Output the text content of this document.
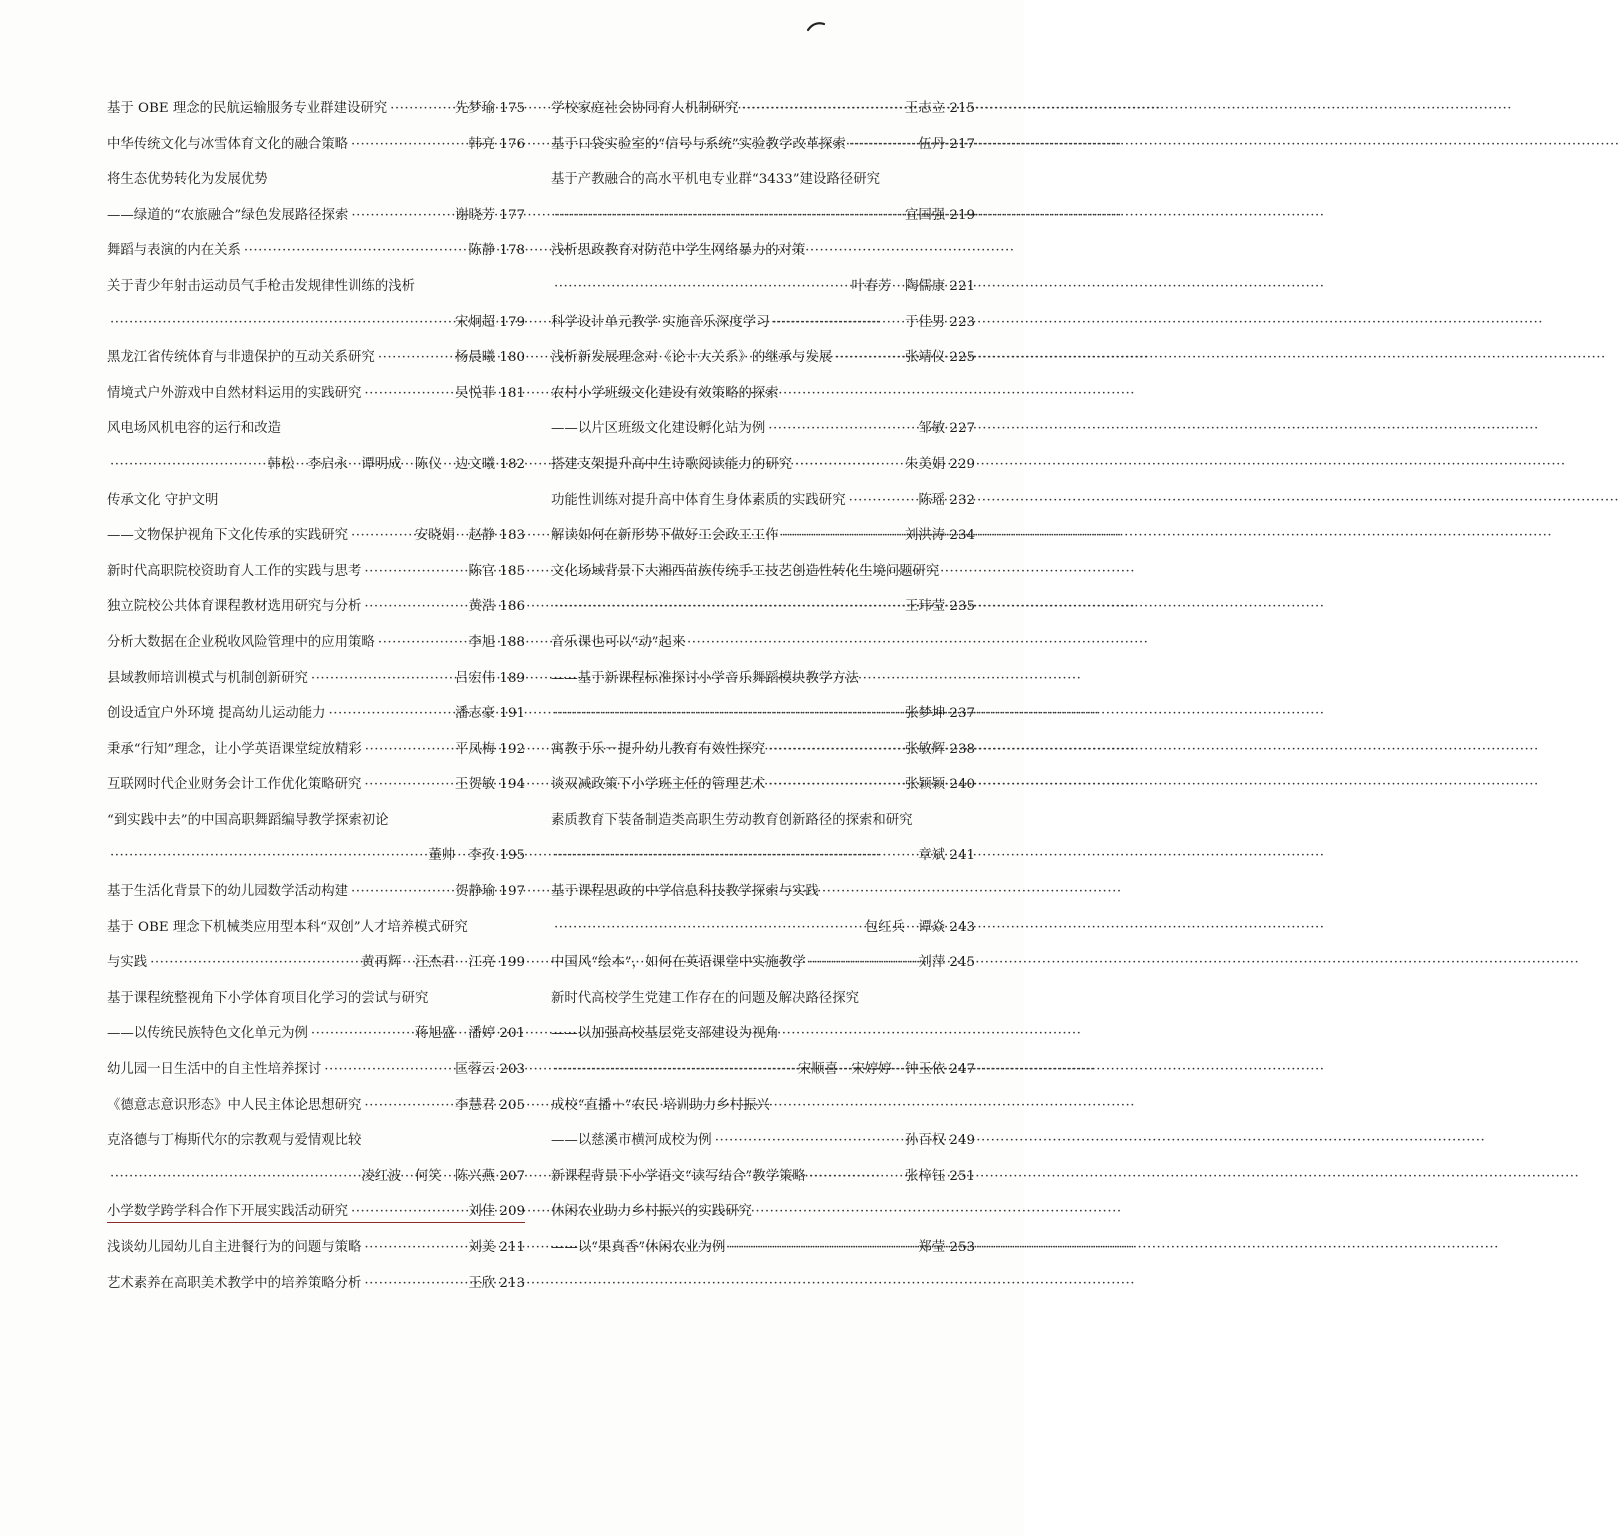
基于 OBE 理念的民航运输服务专业群建设研究 ·····	先梦瑜 175
中华传统文化与冰雪体育文化的融合策略 ·····	韩亮 176
将生态优势转化为发展优势
——绿道的“农旅融合”绿色发展路径探索 ·····	谢晓芳 177
舞蹈与表演的内在关系 ·····	陈静 178
关于青少年射击运动员气手枪击发规律性训练的浅析
·····
宋炯超 179
黑龙江省传统体育与非遗保护的互动关系研究 ·····	杨晨曦 180
情境式户外游戏中自然材料运用的实践研究 ·····	吴悦菲 181
风电场风机电容的运行和改造
·····
韩松　李启永　谭明成　陈仪　边文曦 182
传承文化 守护文明
——文物保护视角下文化传承的实践研究 ·····	安晓娟　赵静 183
新时代高职院校资助育人工作的实践与思考 ·····	陈官 185
独立院校公共体育课程教材选用研究与分析 ·····	黄浩 186
分析大数据在企业税收风险管理中的应用策略 ·····	李旭 188
县域教师培训模式与机制创新研究 ·····	吕宏伟 189
创设适宜户外环境 提高幼儿运动能力 ·····	潘志豪 191
秉承“行知”理念，让小学英语课堂绽放精彩 ·····	平凤梅 192
互联网时代企业财务会计工作优化策略研究 ·····	王贺敏 194
“到实践中去”的中国高职舞蹈编导教学探索初论
·····
董帅　李孜 195
基于生活化背景下的幼儿园数学活动构建 ·····	贺静瑜 197
基于 OBE 理念下机械类应用型本科“双创”人才培养模式研究
与实践 ·····	黄再辉　汪杰君　江亮 199
基于课程统整视角下小学体育项目化学习的尝试与研究
——以传统民族特色文化单元为例 ·····	蒋旭盛　潘婷 201
幼儿园一日生活中的自主性培养探讨 ·····	匡蓉云 203
《德意志意识形态》中人民主体论思想研究 ·····	李慧君 205
克洛德与丁梅斯代尔的宗教观与爱情观比较
·····
凌红波　何笑　陈兴燕 207
小学数学跨学科合作下开展实践活动研究 ·····	刘佳 209
浅谈幼儿园幼儿自主进餐行为的问题与策略 ·····	刘美 211
艺术素养在高职美术教学中的培养策略分析 ·····	王欣 213
学校家庭社会协同育人机制研究 ·····	王志立 215
基于口袋实验室的“信号与系统”实验教学改革探索 ·····	伍丹 217
基于产教融合的高水平机电专业群“3433”建设路径研究
·····
宜国强 219
浅析思政教育对防范中学生网络暴力的对策
·····
叶春芳　陶儒康 221
科学设计单元教学 实施音乐深度学习 ·····	于佳男 223
浅析新发展理念对《论十大关系》的继承与发展 ·····	张靖仪 225
农村小学班级文化建设有效策略的探索
——以片区班级文化建设孵化站为例 ·····	邹敏 227
搭建支架提升高中生诗歌阅读能力的研究 ·····	朱美娟 229
功能性训练对提升高中体育生身体素质的实践研究 ·····	陈瑶 232
解读如何在新形势下做好工会政工工作 ·····	刘洪涛 234
文化场域背景下大湘西苗族传统手工技艺创造性转化生境问题研究
·····
王玮莹 235
音乐课也可以“动”起来
——基于新课程标准探讨小学音乐舞蹈模块教学方法
·····
张梦坤 237
寓教于乐－提升幼儿教育有效性探究 ·····	张敏辉 238
谈双减政策下小学班主任的管理艺术 ·····	张颖颖 240
素质教育下装备制造类高职生劳动教育创新路径的探索和研究
·····
章斌 241
基于课程思政的中学信息科技教学探索与实践
·····
包红兵　谭焱 243
中国风“绘本”，如何在英语课堂中实施教学 ·····	刘萍 245
新时代高校学生党建工作存在的问题及解决路径探究
——以加强高校基层党支部建设为视角
·····
宋顺喜　宋婷婷　钟玉依 247
成校“直播＋”农民 培训助力乡村振兴
——以慈溪市横河成校为例 ·····	孙百权 249
新课程背景下小学语文“读写结合”教学策略 ·····	张梓钰 251
休闲农业助力乡村振兴的实践研究
——以“果真香”休闲农业为例 ·····	郑莹 253
